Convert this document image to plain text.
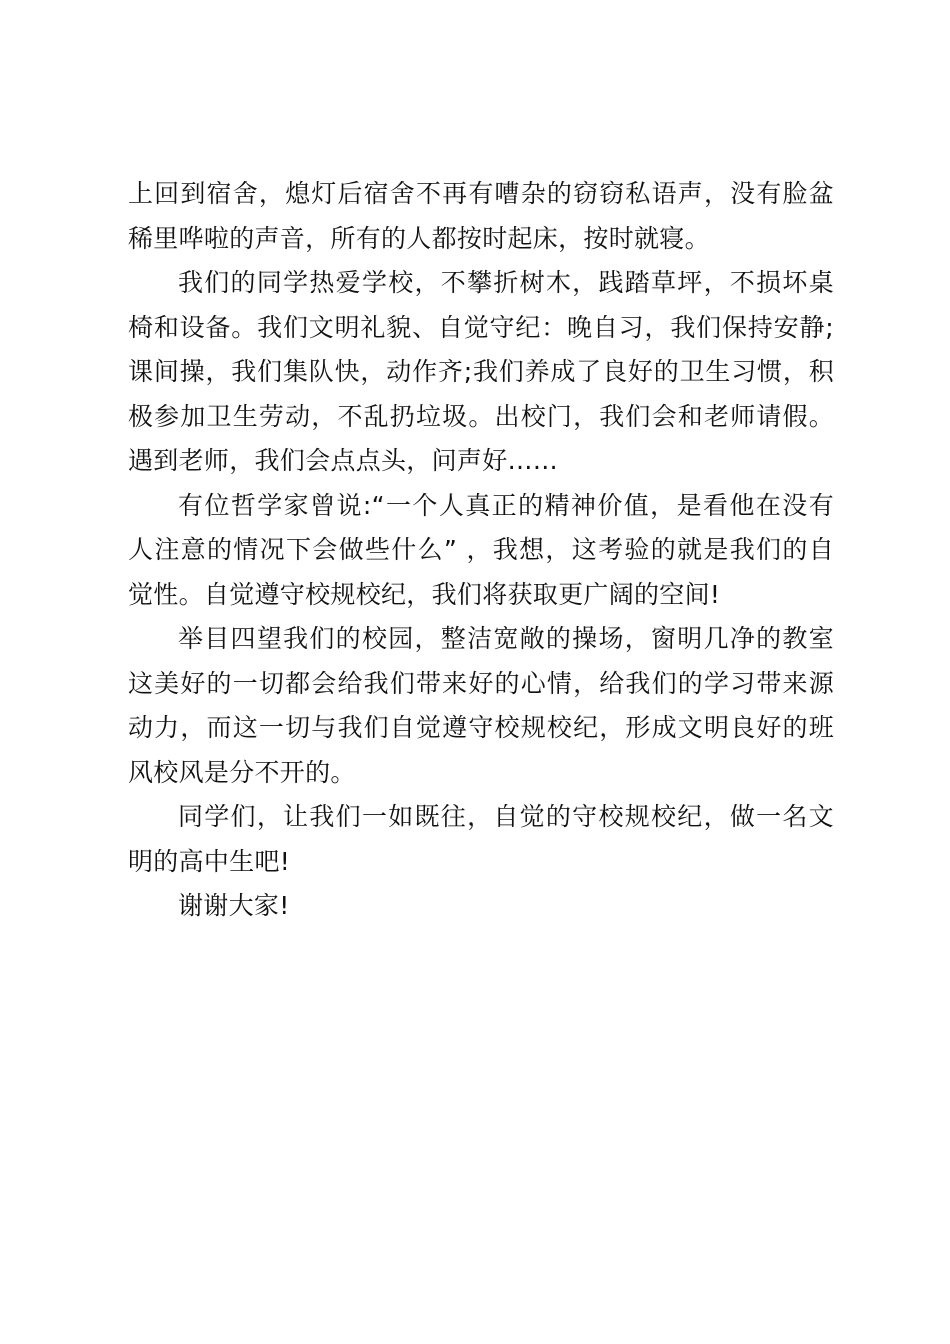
上回到宿舍，熄灯后宿舍不再有嘈杂的窃窃私语声，没有脸盆
稀里哗啦的声音，所有的人都按时起床，按时就寝。
我们的同学热爱学校，不攀折树木，践踏草坪，不损坏桌
椅和设备。我们文明礼貌、自觉守纪：晚自习，我们保持安静;
课间操，我们集队快，动作齐;我们养成了良好的卫生习惯，积
极参加卫生劳动，不乱扔垃圾。出校门，我们会和老师请假。
遇到老师，我们会点点头，问声好……
有位哲学家曾说:“一个人真正的精神价值，是看他在没有
人注意的情况下会做些什么” ，我想，这考验的就是我们的自
觉性。自觉遵守校规校纪，我们将获取更广阔的空间!
举目四望我们的校园，整洁宽敞的操场，窗明几净的教室
这美好的一切都会给我们带来好的心情，给我们的学习带来源
动力，而这一切与我们自觉遵守校规校纪，形成文明良好的班
风校风是分不开的。
同学们，让我们一如既往，自觉的守校规校纪，做一名文
明的高中生吧!
谢谢大家!
